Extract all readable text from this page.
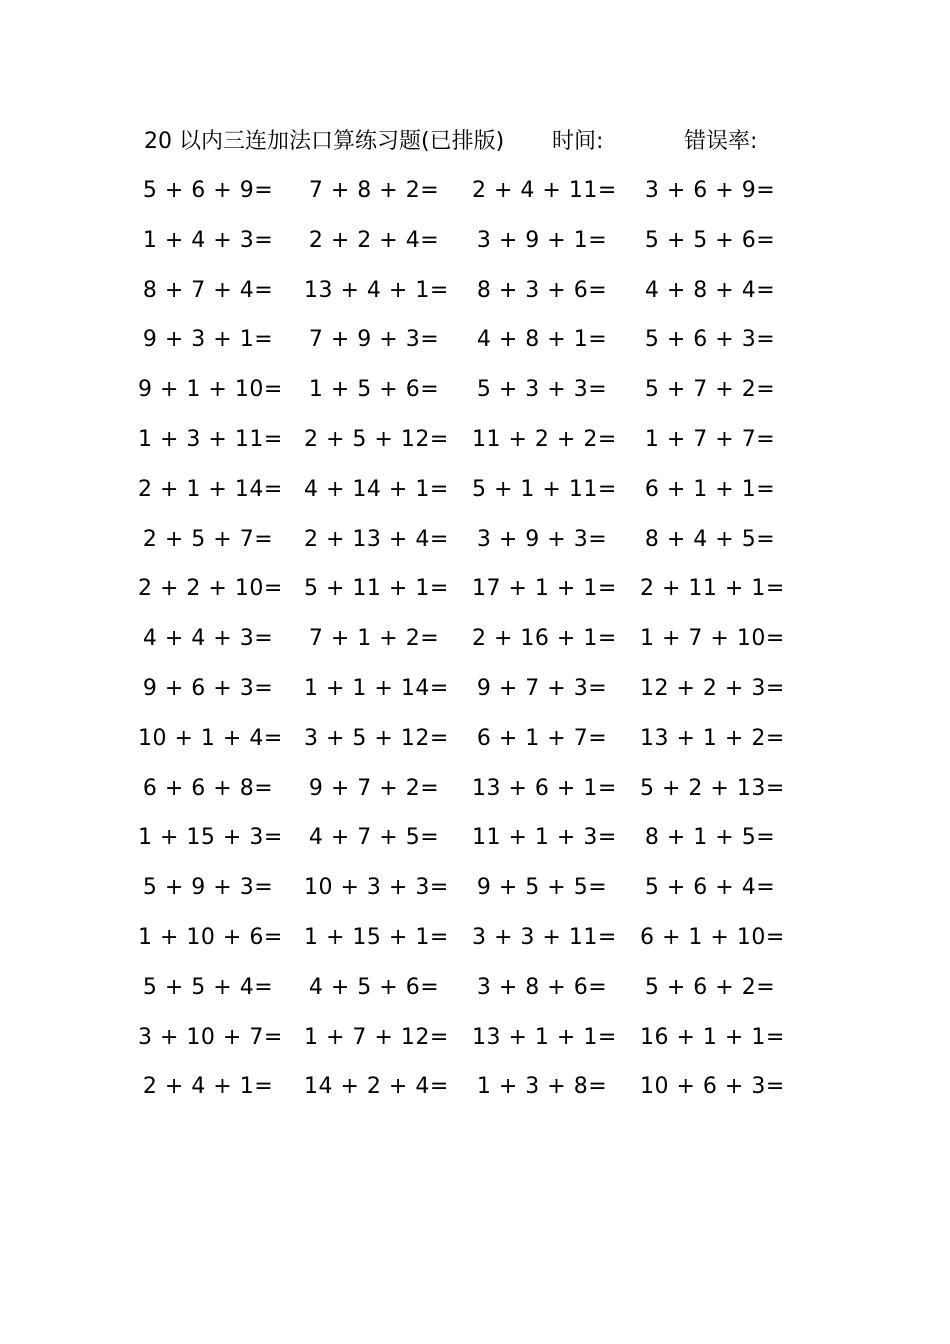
20 以内三连加法口算练习题(已排版) 时间:	错误率:
5 + 6 + 9= 7 + 8 + 2= 2 + 4 + 11= 3 + 6 + 9=
1 + 4 + 3= 2 + 2 + 4= 3 + 9 + 1= 5 + 5 + 6=
8 + 7 + 4= 13 + 4 + 1= 8 + 3 + 6= 4 + 8 + 4=
9 + 3 + 1= 7 + 9 + 3= 4 + 8 + 1= 5 + 6 + 3=
9 + 1 + 10= 1 + 5 + 6= 5 + 3 + 3= 5 + 7 + 2=
1 + 3 + 11= 2 + 5 + 12= 11 + 2 + 2= 1 + 7 + 7=
2 + 1 + 14= 4 + 14 + 1= 5 + 1 + 11= 6 + 1 + 1=
2 + 5 + 7= 2 + 13 + 4= 3 + 9 + 3= 8 + 4 + 5=
2 + 2 + 10= 5 + 11 + 1= 17 + 1 + 1= 2 + 11 + 1=
4 + 4 + 3= 7 + 1 + 2= 2 + 16 + 1= 1 + 7 + 10=
9 + 6 + 3= 1 + 1 + 14= 9 + 7 + 3= 12 + 2 + 3=
10 + 1 + 4= 3 + 5 + 12= 6 + 1 + 7= 13 + 1 + 2=
6 + 6 + 8= 9 + 7 + 2= 13 + 6 + 1= 5 + 2 + 13=
1 + 15 + 3= 4 + 7 + 5= 11 + 1 + 3= 8 + 1 + 5=
5 + 9 + 3= 10 + 3 + 3= 9 + 5 + 5= 5 + 6 + 4=
1 + 10 + 6= 1 + 15 + 1= 3 + 3 + 11= 6 + 1 + 10=
5 + 5 + 4= 4 + 5 + 6= 3 + 8 + 6= 5 + 6 + 2=
3 + 10 + 7= 1 + 7 + 12= 13 + 1 + 1= 16 + 1 + 1=
2 + 4 + 1= 14 + 2 + 4= 1 + 3 + 8= 10 + 6 + 3=
